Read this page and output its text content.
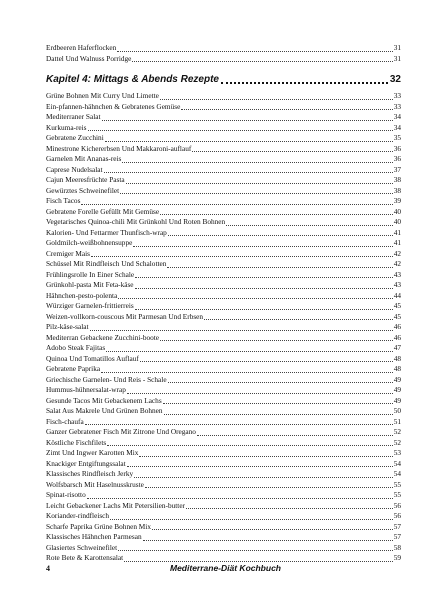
Erdbeeren Haferflocken	31
Dattel Und Walnuss Porridge	31
Kapitel 4: Mittags & Abends Rezepte	32
Grüne Bohnen Mit Curry Und Limette	33
Ein-pfannen-hähnchen & Gebratenes Gemüse	33
Mediterraner Salat	34
Kurkuma-reis	34
Gebratene Zucchini	35
Minestrone Kichererbsen Und Makkaroni-auflauf	36
Garnelen Mit Ananas-reis	36
Caprese Nudelsalat	37
Cajun Meeresfrüchte Pasta	38
Gewürztes Schweinefilet	38
Fisch Tacos	39
Gebratene Forelle Gefüllt Mit Gemüse	40
Vegetarisches Quinoa-chili Mit Grünkohl Und Roten Bohnen	40
Kalorien- Und Fettarmer Thunfisch-wrap	41
Goldmilch-weißbohnensuppe	41
Cremiger Mais	42
Schüssel Mit Rindfleisch Und Schalotten	42
Frühlingsrolle In Einer Schale	43
Grünkohl-pasta Mit Feta-käse	43
Hähnchen-pesto-polenta	44
Würziger Garnelen-frittierreis	45
Weizen-vollkorn-couscous Mit Parmesan Und Erbsen	45
Pilz-käse-salat	46
Mediterran Gebackene Zucchini-boote	46
Adobo Steak Fajitas	47
Quinoa Und Tomatillos Auflauf	48
Gebratene Paprika	48
Griechische Garnelen- Und Reis - Schale	49
Hummus-hühnersalat-wrap	49
Gesunde Tacos Mit Gebackenem Lachs	49
Salat Aus Makrele Und Grünen Bohnen	50
Fisch-chaufa	51
Ganzer Gebratener Fisch Mit Zitrone Und Oregano	52
Köstliche Fischfilets	52
Zimt Und Ingwer Karotten Mix	53
Knackiger Entgiftungssalat	54
Klassisches Rindfleisch Jerky	54
Wolfsbarsch Mit Haselnusskruste	55
Spinat-risotto	55
Leicht Gebackener Lachs Mit Petersilien-butter	56
Koriander-rindfleisch	56
Scharfe Paprika Grüne Bohnen Mix	57
Klassisches Hähnchen Parmesan	57
Glasiertes Schweinefilet	58
Rote Bete & Karottensalat	59
4	Mediterrane-Diät Kochbuch
